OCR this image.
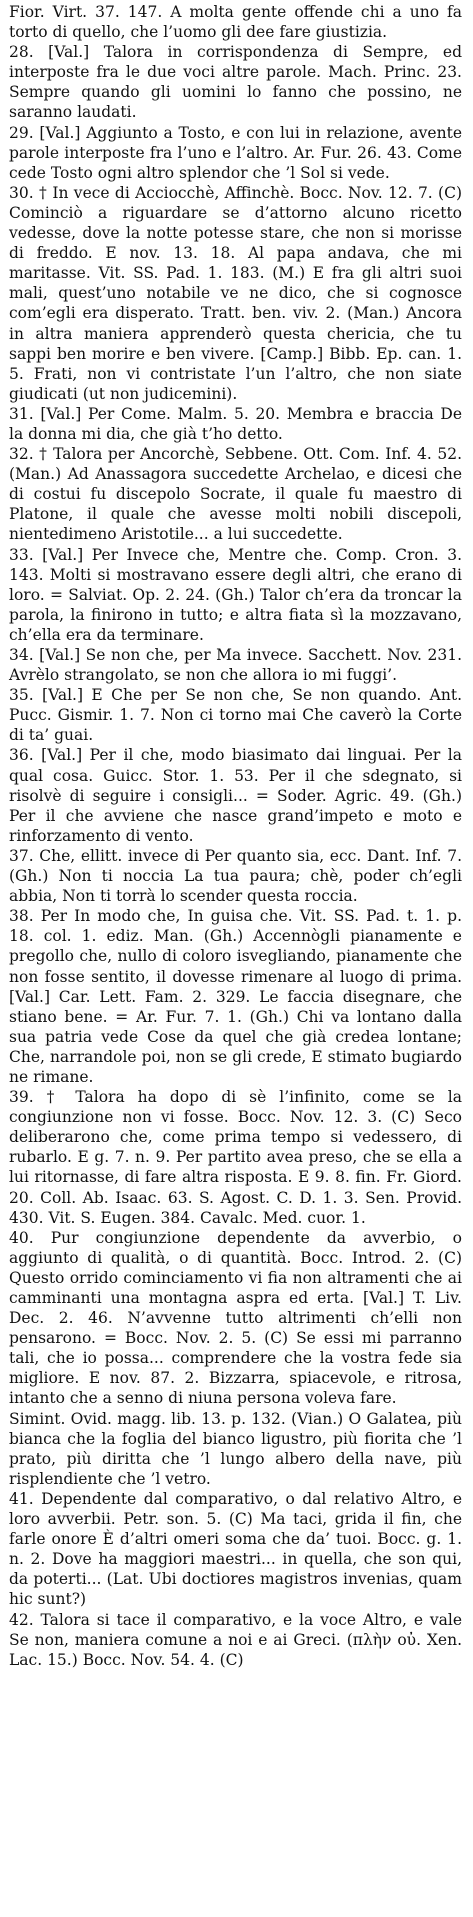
Fior. Virt. 37. 147. A molta gente offende chi a uno fa torto di quello, che l’uomo gli dee fare giustizia.

28. [Val.] Talora in corrispondenza di Sempre, ed interposte fra le due voci altre parole. Mach. Princ. 23. Sempre quando gli uomini lo fanno che possino, ne saranno laudati.

29. [Val.] Aggiunto a Tosto, e con lui in relazione, avente parole interposte fra l’uno e l’altro. Ar. Fur. 26. 43. Come cede Tosto ogni altro splendor che ’l Sol si vede.

30. † In vece di Acciocchè, Affinchè. Bocc. Nov. 12. 7. (C) Cominciò a riguardare se d’attorno alcuno ricetto vedesse, dove la notte potesse stare, che non si morisse di freddo. E nov. 13. 18. Al papa andava, che mi maritasse. Vit. SS. Pad. 1. 183. (M.) E fra gli altri suoi mali, quest’uno notabile ve ne dico, che si cognosce com’egli era disperato. Tratt. ben. viv. 2. (Man.) Ancora in altra maniera apprenderò questa chericia, che tu sappi ben morire e ben vivere. [Camp.] Bibb. Ep. can. 1. 5. Frati, non vi contristate l’un l’altro, che non siate giudicati (ut non judicemini).

31. [Val.] Per Come. Malm. 5. 20. Membra e braccia De la donna mi dia, che già t’ho detto.

32. † Talora per Ancorchè, Sebbene. Ott. Com. Inf. 4. 52. (Man.) Ad Anassagora succedette Archelao, e dicesi che di costui fu discepolo Socrate, il quale fu maestro di Platone, il quale che avesse molti nobili discepoli, nientedimeno Aristotile... a lui succedette.

33. [Val.] Per Invece che, Mentre che. Comp. Cron. 3. 143. Molti si mostravano essere degli altri, che erano di loro. = Salviat. Op. 2. 24. (Gh.) Talor ch’era da troncar la parola, la finirono in tutto; e altra fiata sì la mozzavano, ch’ella era da terminare.

34. [Val.] Se non che, per Ma invece. Sacchett. Nov. 231. Avrèlo strangolato, se non che allora io mi fuggi’.

35. [Val.] E Che per Se non che, Se non quando. Ant. Pucc. Gismir. 1. 7. Non ci torno mai Che caverò la Corte di ta’ guai.

36. [Val.] Per il che, modo biasimato dai linguai. Per la qual cosa. Guicc. Stor. 1. 53. Per il che sdegnato, si risolvè di seguire i consigli... = Soder. Agric. 49. (Gh.) Per il che avviene che nasce grand’impeto e moto e rinforzamento di vento.

37. Che, ellitt. invece di Per quanto sia, ecc. Dant. Inf. 7. (Gh.) Non ti noccia La tua paura; chè, poder ch’egli abbia, Non ti torrà lo scender questa roccia.

38. Per In modo che, In guisa che. Vit. SS. Pad. t. 1. p. 18. col. 1. ediz. Man. (Gh.) Accennògli pianamente e pregollo che, nullo di coloro isvegliando, pianamente che non fosse sentito, il dovesse rimenare al luogo di prima. [Val.] Car. Lett. Fam. 2. 329. Le faccia disegnare, che stiano bene. = Ar. Fur. 7. 1. (Gh.) Chi va lontano dalla sua patria vede Cose da quel che già credea lontane; Che, narrandole poi, non se gli crede, E stimato bugiardo ne rimane.

39. † Talora ha dopo di sè l’infinito, come se la congiunzione non vi fosse. Bocc. Nov. 12. 3. (C) Seco deliberarono che, come prima tempo si vedessero, di rubarlo. E g. 7. n. 9. Per partito avea preso, che se ella a lui ritornasse, di fare altra risposta. E 9. 8. fin. Fr. Giord. 20. Coll. Ab. Isaac. 63. S. Agost. C. D. 1. 3. Sen. Provid. 430. Vit. S. Eugen. 384. Cavalc. Med. cuor. 1.

40. Pur congiunzione dependente da avverbio, o aggiunto di qualità, o di quantità. Bocc. Introd. 2. (C) Questo orrido cominciamento vi fia non altramenti che ai camminanti una montagna aspra ed erta. [Val.] T. Liv. Dec. 2. 46. N’avvenne tutto altrimenti ch’elli non pensarono. = Bocc. Nov. 2. 5. (C) Se essi mi parranno tali, che io possa... comprendere che la vostra fede sia migliore. E nov. 87. 2. Bizzarra, spiacevole, e ritrosa, intanto che a senno di niuna persona voleva fare.

Simint. Ovid. magg. lib. 13. p. 132. (Vian.) O Galatea, più bianca che la foglia del bianco ligustro, più fiorita che ’l prato, più diritta che ’l lungo albero della nave, più risplendiente che ’l vetro.

41. Dependente dal comparativo, o dal relativo Altro, e loro avverbii. Petr. son. 5. (C) Ma taci, grida il fin, che farle onore È d’altri omeri soma che da’ tuoi. Bocc. g. 1. n. 2. Dove ha maggiori maestri... in quella, che son qui, da poterti... (Lat. Ubi doctiores magistros invenias, quam hic sunt?)

42. Talora si tace il comparativo, e la voce Altro, e vale Se non, maniera comune a noi e ai Greci. (πλὴν οὐ. Xen. Lac. 15.) Bocc. Nov. 54. 4. (C)
